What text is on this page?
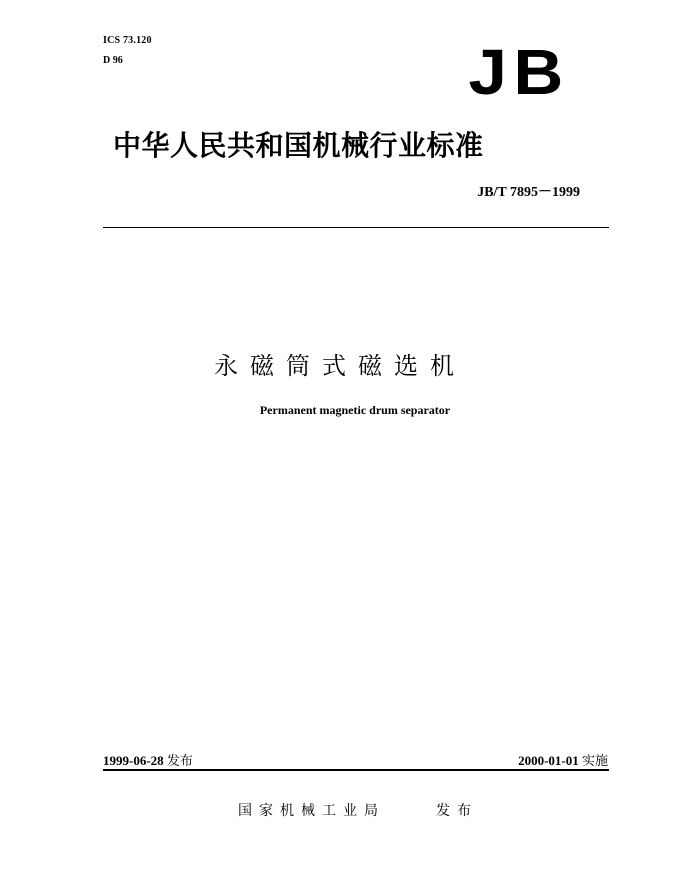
ICS 73.120
D 96	JB
中华人民共和国机械行业标准
JB/T 7895－1999
永磁筒式磁选机
Permanent magnetic drum separator
1999-06-28 发布	2000-01-01 实施
国家机械工业局	发布
